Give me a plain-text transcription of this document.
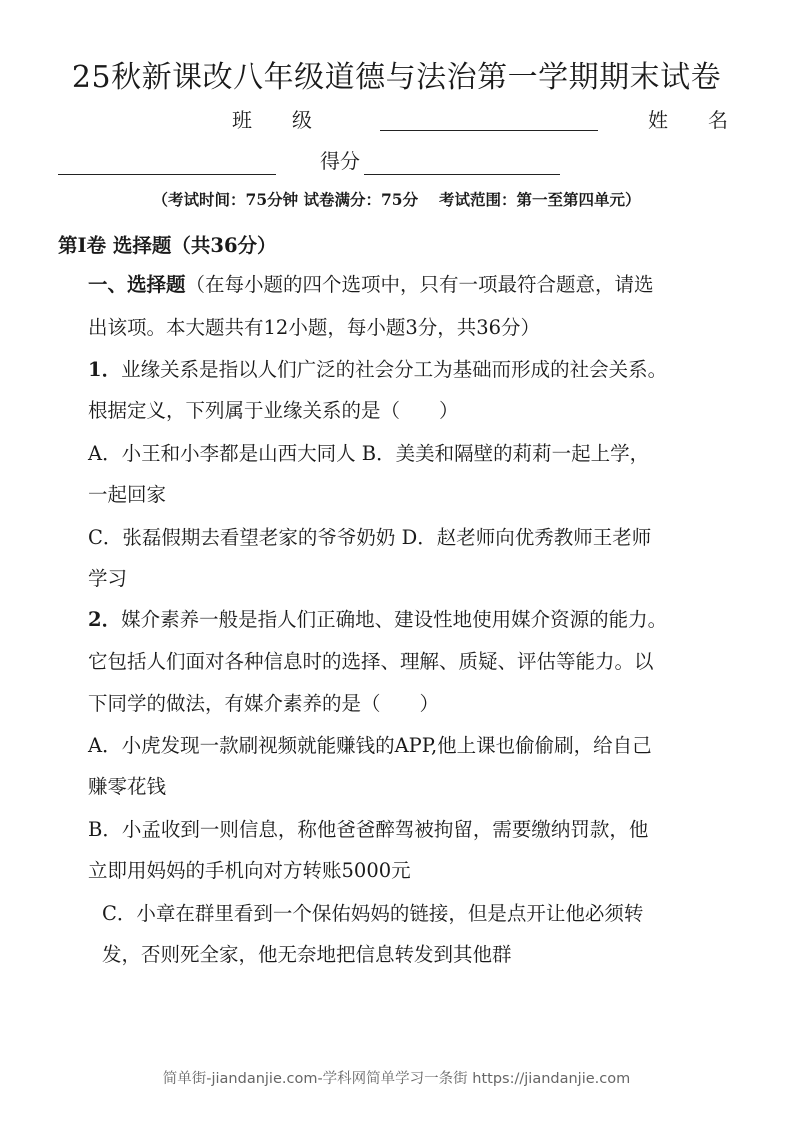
25秋新课改八年级道德与法治第一学期期末试卷
班　　级	姓　　名
得分
（考试时间：75分钟 试卷满分：75分　 考试范围：第一至第四单元）
第Ⅰ卷 选择题（共36分）
一、选择题（在每小题的四个选项中，只有一项最符合题意，请选
出该项。本大题共有12小题，每小题3分，共36分）
1．业缘关系是指以人们广泛的社会分工为基础而形成的社会关系。
根据定义，下列属于业缘关系的是（　　）
A．小王和小李都是山西大同人 B．美美和隔壁的莉莉一起上学，
一起回家
C．张磊假期去看望老家的爷爷奶奶 D．赵老师向优秀教师王老师
学习
2．媒介素养一般是指人们正确地、建设性地使用媒介资源的能力。
它包括人们面对各种信息时的选择、理解、质疑、评估等能力。以
下同学的做法，有媒介素养的是（　　）
A．小虎发现一款刷视频就能赚钱的APP,他上课也偷偷刷，给自己
赚零花钱
B．小孟收到一则信息，称他爸爸醉驾被拘留，需要缴纳罚款，他
立即用妈妈的手机向对方转账5000元
C．小章在群里看到一个保佑妈妈的链接，但是点开让他必须转
发，否则死全家，他无奈地把信息转发到其他群
简单街-jiandanjie.com-学科网简单学习一条街 https://jiandanjie.com
